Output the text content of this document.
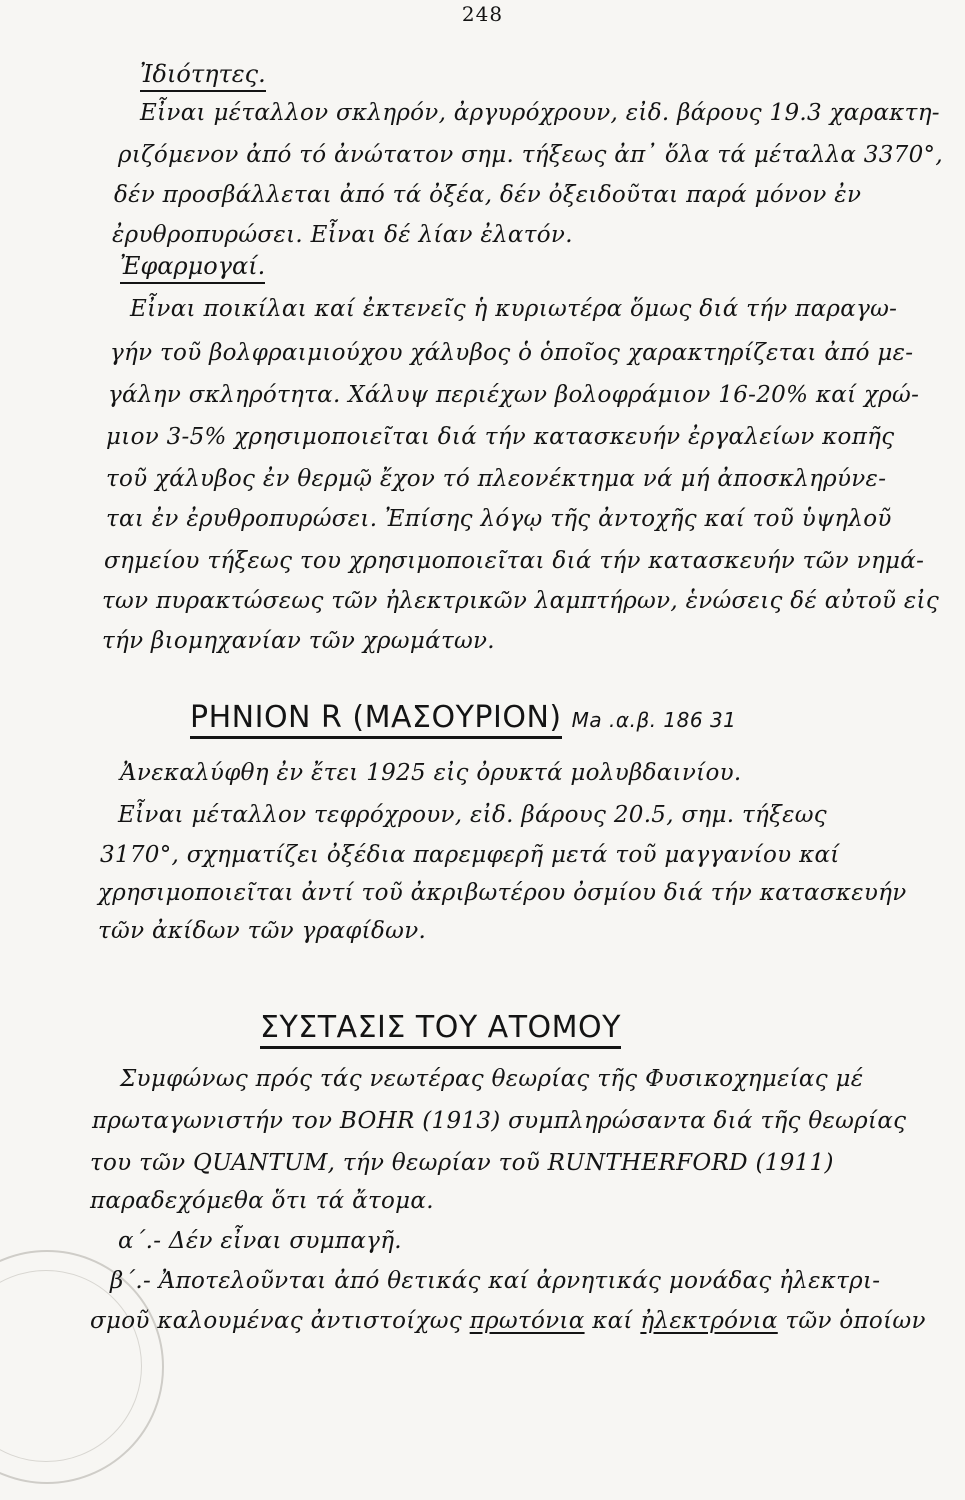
248
Ἰδιότητες.
Εἶναι μέταλλον σκληρόν, ἀργυρόχρουν, εἰδ. βάρους 19.3 χαρακτη-
ριζόμενον ἀπό τό ἀνώτατον σημ. τήξεως ἀπ᾽ ὅλα τά μέταλλα 3370°,
δέν προσβάλλεται ἀπό τά ὀξέα, δέν ὀξειδοῦται παρά μόνον ἐν
ἐρυθροπυρώσει. Εἶναι δέ λίαν ἐλατόν.
Ἐφαρμογαί.
Εἶναι ποικίλαι καί ἐκτενεῖς ἡ κυριωτέρα ὅμως διά τήν παραγω-
γήν τοῦ βολφραιμιούχου χάλυβος ὁ ὁποῖος χαρακτηρίζεται ἀπό με-
γάλην σκληρότητα. Χάλυψ περιέχων βολοφράμιον 16-20% καί χρώ-
μιον 3-5% χρησιμοποιεῖται διά τήν κατασκευήν ἐργαλείων κοπῆς
τοῦ χάλυβος ἐν θερμῷ ἔχον τό πλεονέκτημα νά μή ἀποσκληρύνε-
ται ἐν ἐρυθροπυρώσει. Ἐπίσης λόγῳ τῆς ἀντοχῆς καί τοῦ ὑψηλοῦ
σημείου τήξεως του χρησιμοποιεῖται διά τήν κατασκευήν τῶν νημά-
των πυρακτώσεως τῶν ἠλεκτρικῶν λαμπτήρων, ἑνώσεις δέ αὐτοῦ εἰς
τήν βιομηχανίαν τῶν χρωμάτων.
ΡΗΝΙΟΝ R (ΜΑΣΟΥΡΙΟΝ) Ma .α.β. 186 31
Ἀνεκαλύφθη ἐν ἔτει 1925 εἰς ὀρυκτά μολυβδαινίου.
Εἶναι μέταλλον τεφρόχρουν, εἰδ. βάρους 20.5, σημ. τήξεως
3170°, σχηματίζει ὀξέδια παρεμφερῆ μετά τοῦ μαγγανίου καί
χρησιμοποιεῖται ἀντί τοῦ ἀκριβωτέρου ὀσμίου διά τήν κατασκευήν
τῶν ἀκίδων τῶν γραφίδων.
ΣΥΣΤΑΣΙΣ ΤΟΥ ΑΤΟΜΟΥ
Συμφώνως πρός τάς νεωτέρας θεωρίας τῆς Φυσικοχημείας μέ
πρωταγωνιστήν τον BOHR (1913) συμπληρώσαντα διά τῆς θεωρίας
του τῶν QUANTUM, τήν θεωρίαν τοῦ RUNTHERFORD (1911)
παραδεχόμεθα ὅτι τά ἄτομα.
α΄.- Δέν εἶναι συμπαγῆ.
β΄.- Ἀποτελοῦνται ἀπό θετικάς καί ἀρνητικάς μονάδας ἠλεκτρι-
σμοῦ καλουμένας ἀντιστοίχως πρωτόνια καί ἠλεκτρόνια τῶν ὁποίων
